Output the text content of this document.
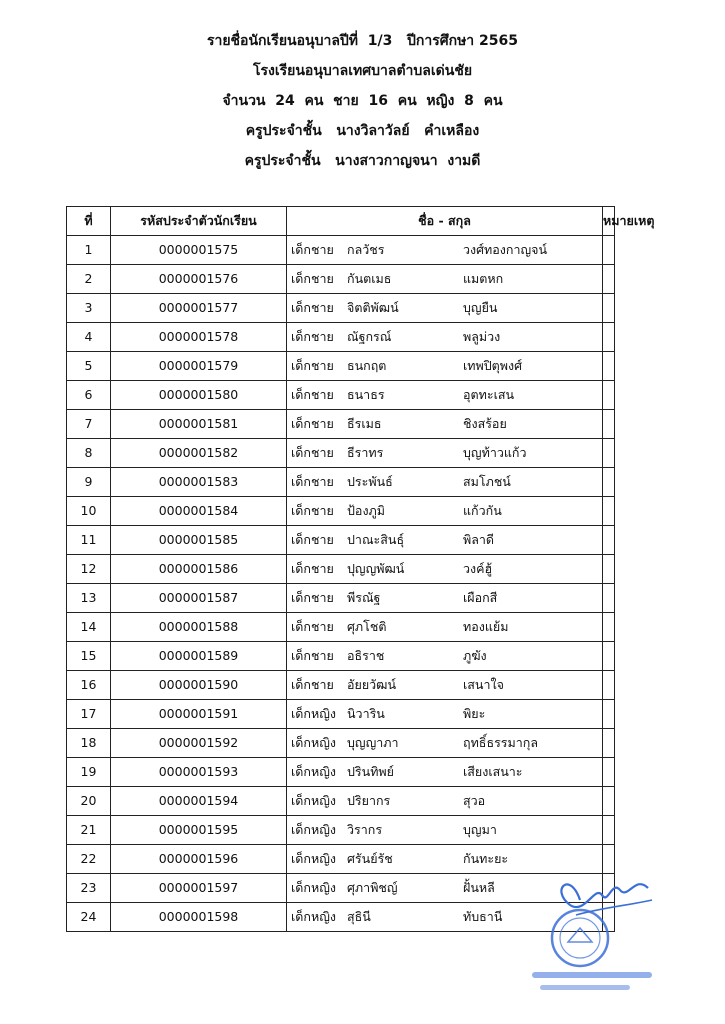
รายชื่อนักเรียนอนุบาลปีที่  1/3   ปีการศึกษา 2565
โรงเรียนอนุบาลเทศบาลตำบลเด่นชัย
จำนวน  24  คน  ชาย  16  คน  หญิง  8  คน
ครูประจำชั้น   นางวิลาวัลย์   คำเหลือง
ครูประจำชั้น   นางสาวกาญจนา  งามดี
ที่	รหัสประจำตัวนักเรียน	ชื่อ - สกุล	หมายเหตุ
1	0000001575	เด็กชาย กลวัชร วงศ์ทองกาญจน์	

2	0000001576	เด็กชาย กันตเมธ แมตหก	

3	0000001577	เด็กชาย จิตติพัฒน์ บุญยืน	

4	0000001578	เด็กชาย ณัฐกรณ์ พลูม่วง	

5	0000001579	เด็กชาย ธนกฤต เทพปิตุพงศ์	

6	0000001580	เด็กชาย ธนาธร อุตทะเสน	

7	0000001581	เด็กชาย ธีรเมธ ชิงสร้อย	

8	0000001582	เด็กชาย ธีราทร บุญท้าวแก้ว	

9	0000001583	เด็กชาย ประพันธ์ สมโภชน์	

10	0000001584	เด็กชาย ป้องภูมิ แก้วกัน	

11	0000001585	เด็กชาย ปาณะสินธุ์ พิลาดี	

12	0000001586	เด็กชาย ปุญญพัฒน์ วงค์ฮู้	

13	0000001587	เด็กชาย พีรณัฐ เผือกสี	

14	0000001588	เด็กชาย ศุภโชติ ทองแย้ม	

15	0000001589	เด็กชาย อธิราช ภูฆัง	

16	0000001590	เด็กชาย อัยยวัฒน์ เสนาใจ	

17	0000001591	เด็กหญิง นิวาริน พิยะ	

18	0000001592	เด็กหญิง บุญญาภา ฤทธิ์ธรรมากุล	

19	0000001593	เด็กหญิง ปรินทิพย์ เสียงเสนาะ	

20	0000001594	เด็กหญิง ปริยากร สุวอ	

21	0000001595	เด็กหญิง วิรากร บุญมา	

22	0000001596	เด็กหญิง ศรันย์รัช กันทะยะ	

23	0000001597	เด็กหญิง ศุภาพิชญ์ ฝั้นหลี	

24	0000001598	เด็กหญิง สุธินี ทับธานี	
